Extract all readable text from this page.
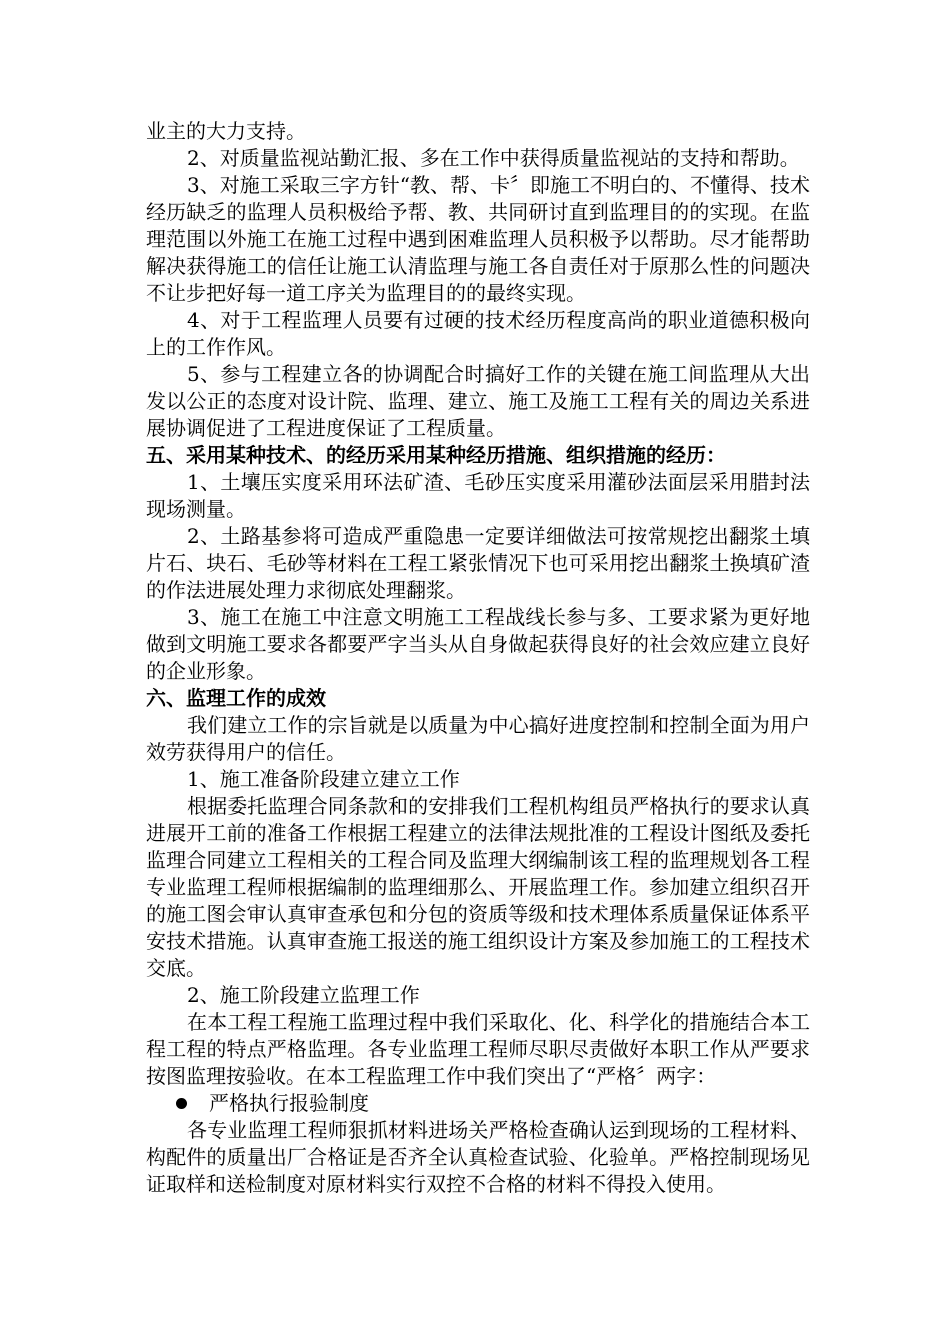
业主的大力支持。

2、对质量监视站勤汇报、多在工作中获得质量监视站的支持和帮助。

3、对施工采取三字方针“教、帮、卡〞即施工不明白的、不懂得、技术经历缺乏的监理人员积极给予帮、教、共同研讨直到监理目的的实现。在监理范围以外施工在施工过程中遇到困难监理人员积极予以帮助。尽才能帮助解决获得施工的信任让施工认清监理与施工各自责任对于原那么性的问题决不让步把好每一道工序关为监理目的的最终实现。

4、对于工程监理人员要有过硬的技术经历程度高尚的职业道德积极向上的工作作风。

5、参与工程建立各的协调配合时搞好工作的关键在施工间监理从大出发以公正的态度对设计院、监理、建立、施工及施工工程有关的周边关系进展协调促进了工程进度保证了工程质量。

五、采用某种技术、的经历采用某种经历措施、组织措施的经历：

1、土壤压实度采用环法矿渣、毛砂压实度采用灌砂法面层采用腊封法现场测量。

2、土路基参将可造成严重隐患一定要详细做法可按常规挖出翻浆土填片石、块石、毛砂等材料在工程工紧张情况下也可采用挖出翻浆土换填矿渣的作法进展处理力求彻底处理翻浆。

3、施工在施工中注意文明施工工程战线长参与多、工要求紧为更好地做到文明施工要求各都要严字当头从自身做起获得良好的社会效应建立良好的企业形象。

六、监理工作的成效

我们建立工作的宗旨就是以质量为中心搞好进度控制和控制全面为用户效劳获得用户的信任。

1、施工准备阶段建立建立工作

根据委托监理合同条款和的安排我们工程机构组员严格执行的要求认真进展开工前的准备工作根据工程建立的法律法规批准的工程设计图纸及委托监理合同建立工程相关的工程合同及监理大纲编制该工程的监理规划各工程专业监理工程师根据编制的监理细那么、开展监理工作。参加建立组织召开的施工图会审认真审查承包和分包的资质等级和技术理体系质量保证体系平安技术措施。认真审查施工报送的施工组织设计方案及参加施工的工程技术交底。

2、施工阶段建立监理工作

在本工程工程施工监理过程中我们采取化、化、科学化的措施结合本工程工程的特点严格监理。各专业监理工程师尽职尽责做好本职工作从严要求按图监理按验收。在本工程监理工作中我们突出了“严格〞两字：

严格执行报验制度

各专业监理工程师狠抓材料进场关严格检查确认运到现场的工程材料、构配件的质量出厂合格证是否齐全认真检查试验、化验单。严格控制现场见证取样和送检制度对原材料实行双控不合格的材料不得投入使用。
